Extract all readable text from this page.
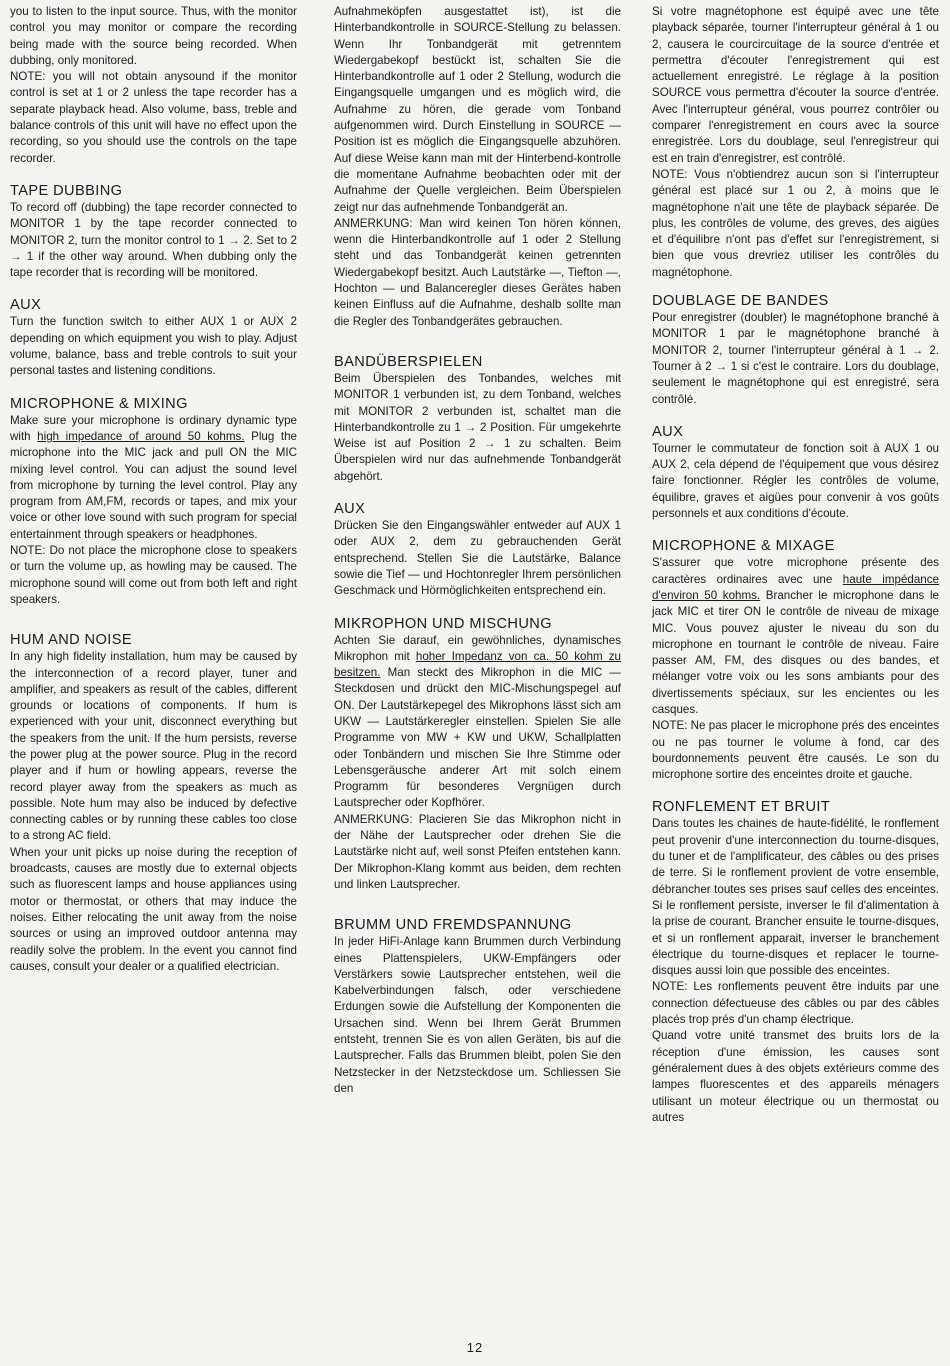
you to listen to the input source. Thus, with the monitor control you may monitor or compare the recording being made with the source being recorded. When dubbing, only monitored.

NOTE: you will not obtain anysound if the monitor control is set at 1 or 2 unless the tape recorder has a separate playback head. Also volume, bass, treble and balance controls of this unit will have no effect upon the recording, so you should use the controls on the tape recorder.

TAPE DUBBING

To record off (dubbing) the tape recorder connected to MONITOR 1 by the tape recorder connected to MONITOR 2, turn the monitor control to 1 → 2. Set to 2 → 1 if the other way around. When dubbing only the tape recorder that is recording will be monitored.

AUX

Turn the function switch to either AUX 1 or AUX 2 depending on which equipment you wish to play. Adjust volume, balance, bass and treble controls to suit your personal tastes and listening conditions.

MICROPHONE & MIXING

Make sure your microphone is ordinary dynamic type with high impedance of around 50 kohms. Plug the microphone into the MIC jack and pull ON the MIC mixing level control. You can adjust the sound level from microphone by turning the level control. Play any program from AM,FM, records or tapes, and mix your voice or other love sound with such program for special entertainment through speakers or headphones.

NOTE: Do not place the microphone close to speakers or turn the volume up, as howling may be caused. The microphone sound will come out from both left and right speakers.

HUM AND NOISE

In any high fidelity installation, hum may be caused by the interconnection of a record player, tuner and amplifier, and speakers as result of the cables, different grounds or locations of components. If hum is experienced with your unit, disconnect everything but the speakers from the unit. If the hum persists, reverse the power plug at the power source. Plug in the record player and if hum or howling appears, reverse the record player away from the speakers as much as possible. Note hum may also be induced by defective connecting cables or by running these cables too close to a strong AC field.

When your unit picks up noise during the reception of broadcasts, causes are mostly due to external objects such as fluorescent lamps and house appliances using motor or thermostat, or others that may induce the noises. Either relocating the unit away from the noise sources or using an improved outdoor antenna may readily solve the problem. In the event you cannot find causes, consult your dealer or a qualified electrician.

Aufnahmeköpfen ausgestattet ist), ist die Hinterbandkontrolle in SOURCE-Stellung zu belassen. Wenn Ihr Tonbandgerät mit getrenntem Wiedergabekopf bestückt ist, schalten Sie die Hinterbandkontrolle auf 1 oder 2 Stellung, wodurch die Eingangsquelle umgangen und es möglich wird, die Aufnahme zu hören, die gerade vom Tonband aufgenommen wird. Durch Einstellung in SOURCE — Position ist es möglich die Eingangsquelle abzuhören. Auf diese Weise kann man mit der Hinterbend-kontrolle die momentane Aufnahme beobachten oder mit der Aufnahme der Quelle vergleichen. Beim Überspielen zeigt nur das aufnehmende Tonbandgerät an.

ANMERKUNG: Man wird keinen Ton hören können, wenn die Hinterbandkontrolle auf 1 oder 2 Stellung steht und das Tonbandgerät keinen getrennten Wiedergabekopf besitzt. Auch Lautstärke —, Tiefton —, Hochton — und Balanceregler dieses Gerätes haben keinen Einfluss auf die Aufnahme, deshalb sollte man die Regler des Tonbandgerätes gebrauchen.

BANDÜBERSPIELEN

Beim Überspielen des Tonbandes, welches mit MONITOR 1 verbunden ist, zu dem Tonband, welches mit MONITOR 2 verbunden ist, schaltet man die Hinterbandkontrolle zu 1 → 2 Position. Für umgekehrte Weise ist auf Position 2 → 1 zu schalten. Beim Überspielen wird nur das aufnehmende Tonbandgerät abgehört.

AUX

Drücken Sie den Eingangswähler entweder auf AUX 1 oder AUX 2, dem zu gebrauchenden Gerät entsprechend. Stellen Sie die Lautstärke, Balance sowie die Tief — und Hochtonregler Ihrem persönlichen Geschmack und Hörmöglichkeiten entsprechend ein.

MIKROPHON UND MISCHUNG

Achten Sie darauf, ein gewöhnliches, dynamisches Mikrophon mit hoher Impedanz von ca. 50 kohm zu besitzen. Man steckt des Mikrophon in die MIC — Steckdosen und drückt den MIC-Mischungspegel auf ON. Der Lautstärkepegel des Mikrophons lässt sich am UKW — Lautstärkeregler einstellen. Spielen Sie alle Programme von MW + KW und UKW, Schallplatten oder Tonbändern und mischen Sie Ihre Stimme oder Lebensgeräusche anderer Art mit solch einem Programm für besonderes Vergnügen durch Lautsprecher oder Kopfhörer.

ANMERKUNG: Placieren Sie das Mikrophon nicht in der Nähe der Lautsprecher oder drehen Sie die Lautstärke nicht auf, weil sonst Pfeifen entstehen kann. Der Mikrophon-Klang kommt aus beiden, dem rechten und linken Lautsprecher.

BRUMM UND FREMDSPANNUNG

In jeder HiFi-Anlage kann Brummen durch Verbindung eines Plattenspielers, UKW-Empfängers oder Verstärkers sowie Lautsprecher entstehen, weil die Kabelverbindungen falsch, oder verschiedene Erdungen sowie die Aufstellung der Komponenten die Ursachen sind. Wenn bei Ihrem Gerät Brummen entsteht, trennen Sie es von allen Geräten, bis auf die Lautsprecher. Falls das Brummen bleibt, polen Sie den Netzstecker in der Netzsteckdose um. Schliessen Sie den

Si votre magnétophone est équipé avec une tête playback séparée, tourner l'interrupteur général à 1 ou 2, causera le courcircuitage de la source d'entrée et permettra d'écouter l'enregistrement qui est actuellement enregistré. Le réglage à la position SOURCE vous permettra d'écouter la source d'entrée. Avec l'interrupteur général, vous pourrez contrôler ou comparer l'enregistrement en cours avec la source enregistrée. Lors du doublage, seul l'enregistreur qui est en train d'enregistrer, est contrôlé.

NOTE: Vous n'obtiendrez aucun son si l'interrupteur général est placé sur 1 ou 2, à moins que le magnétophone n'ait une tête de playback séparée. De plus, les contrôles de volume, des greves, des aigües et d'équilibre n'ont pas d'effet sur l'enregistrement, si bien que vous drevriez utiliser les contrôles du magnétophone.

DOUBLAGE DE BANDES

Pour enregistrer (doubler) le magnétophone branché à MONITOR 1 par le magnétophone branché à MONITOR 2, tourner l'interrupteur général à 1 → 2. Tourner à 2 → 1 si c'est le contraire. Lors du doublage, seulement le magnétophone qui est enregistré, sera contrôlé.

AUX

Tourner le commutateur de fonction soit à AUX 1 ou AUX 2, cela dépend de l'équipement que vous désirez faire fonctionner. Régler les contrôles de volume, équilibre, graves et aigües pour convenir à vos goûts personnels et aux conditions d'écoute.

MICROPHONE & MIXAGE

S'assurer que votre microphone présente des caractères ordinaires avec une haute impédance d'environ 50 kohms. Brancher le microphone dans le jack MIC et tirer ON le contrôle de niveau de mixage MIC. Vous pouvez ajuster le niveau du son du microphone en tournant le contrôle de niveau. Faire passer AM, FM, des disques ou des bandes, et mélanger votre voix ou les sons ambiants pour des divertissements spéciaux, sur les encientes ou les casques.

NOTE: Ne pas placer le microphone prés des enceintes ou ne pas tourner le volume à fond, car des bourdonnements peuvent être causés. Le son du microphone sortire des enceintes droite et gauche.

RONFLEMENT ET BRUIT

Dans toutes les chaines de haute-fidélité, le ronflement peut provenir d'une interconnection du tourne-disques, du tuner et de l'amplificateur, des câbles ou des prises de terre. Si le ronflement provient de votre ensemble, débrancher toutes ses prises sauf celles des enceintes. Si le ronflement persiste, inverser le fil d'alimentation à la prise de courant. Brancher ensuite le tourne-disques, et si un ronflement apparait, inverser le branchement électrique du tourne-disques et replacer le tourne-disques aussi loin que possible des enceintes.

NOTE: Les ronflements peuvent être induits par une connection défectueuse des câbles ou par des câbles placés trop prés d'un champ électrique.

Quand votre unité transmet des bruits lors de la réception d'une émission, les causes sont généralement dues à des objets extérieurs comme des lampes fluorescentes et des appareils ménagers utilisant un moteur électrique ou un thermostat ou autres

12
